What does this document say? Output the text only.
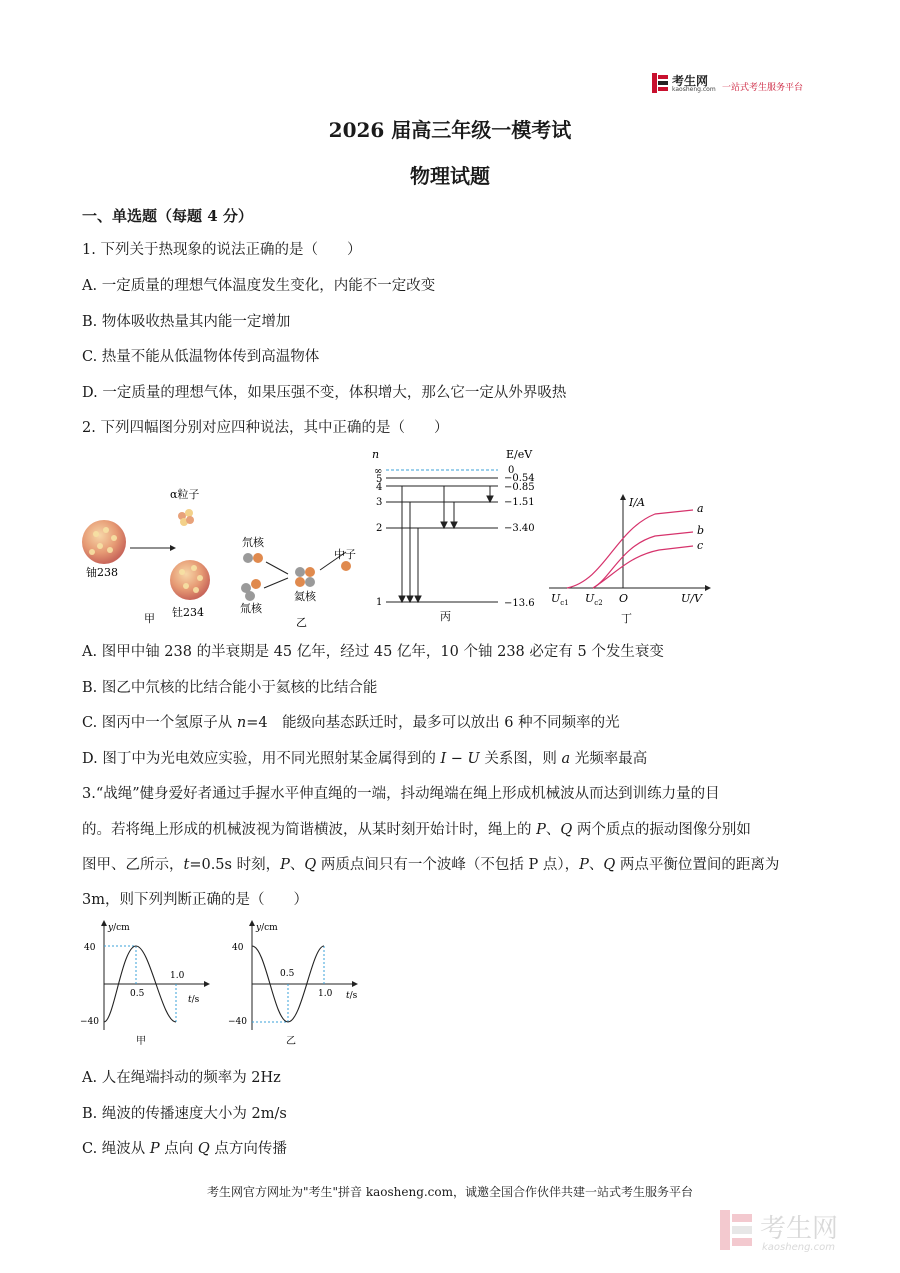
考生网
kaosheng.com 一站式考生服务平台
2026 届高三年级一模考试
物理试题
一、单选题（每题 4 分）
1. 下列关于热现象的说法正确的是（　　）
A. 一定质量的理想气体温度发生变化，内能不一定改变
B. 物体吸收热量其内能一定增加
C. 热量不能从低温物体传到高温物体
D. 一定质量的理想气体，如果压强不变，体积增大，那么它一定从外界吸热
2. 下列四幅图分别对应四种说法，其中正确的是（　　）
α粒子
铀238
钍234
甲
氘核
氚核
氦核
中子
乙
n	E/eV
∞
5
4
3
2
1
0
−0.54
−0.85
−1.51
−3.40
−13.6
丙
I/A
U/V
O
$U_{c1}$ $U_{c2}$
a
b
c
丁
A. 图甲中铀 238 的半衰期是 45 亿年，经过 45 亿年，10 个铀 238 必定有 5 个发生衰变
B. 图乙中氘核的比结合能小于氦核的比结合能
C. 图丙中一个氢原子从 n=4　能级向基态跃迁时，最多可以放出 6 种不同频率的光
D. 图丁中为光电效应实验，用不同光照射某金属得到的 I − U 关系图，则 a 光频率最高
3.“战绳”健身爱好者通过手握水平伸直绳的一端，抖动绳端在绳上形成机械波从而达到训练力量的目
的。若将绳上形成的机械波视为简谐横波，从某时刻开始计时，绳上的 P、Q 两个质点的振动图像分别如
图甲、乙所示，t=0.5s 时刻，P、Q 两质点间只有一个波峰（不包括 P 点），P、Q 两点平衡位置间的距离为
3m，则下列判断正确的是（　　）
y/cm
t/s
40
−40
0.5
1.0
甲
y/cm
t/s
40
−40
0.5
1.0
乙
A. 人在绳端抖动的频率为 2Hz
B. 绳波的传播速度大小为 2m/s
C. 绳波从 P 点向 Q 点方向传播
考生网官方网址为"考生"拼音 kaosheng.com，诚邀全国合作伙伴共建一站式考生服务平台
考生网
kaosheng.com
